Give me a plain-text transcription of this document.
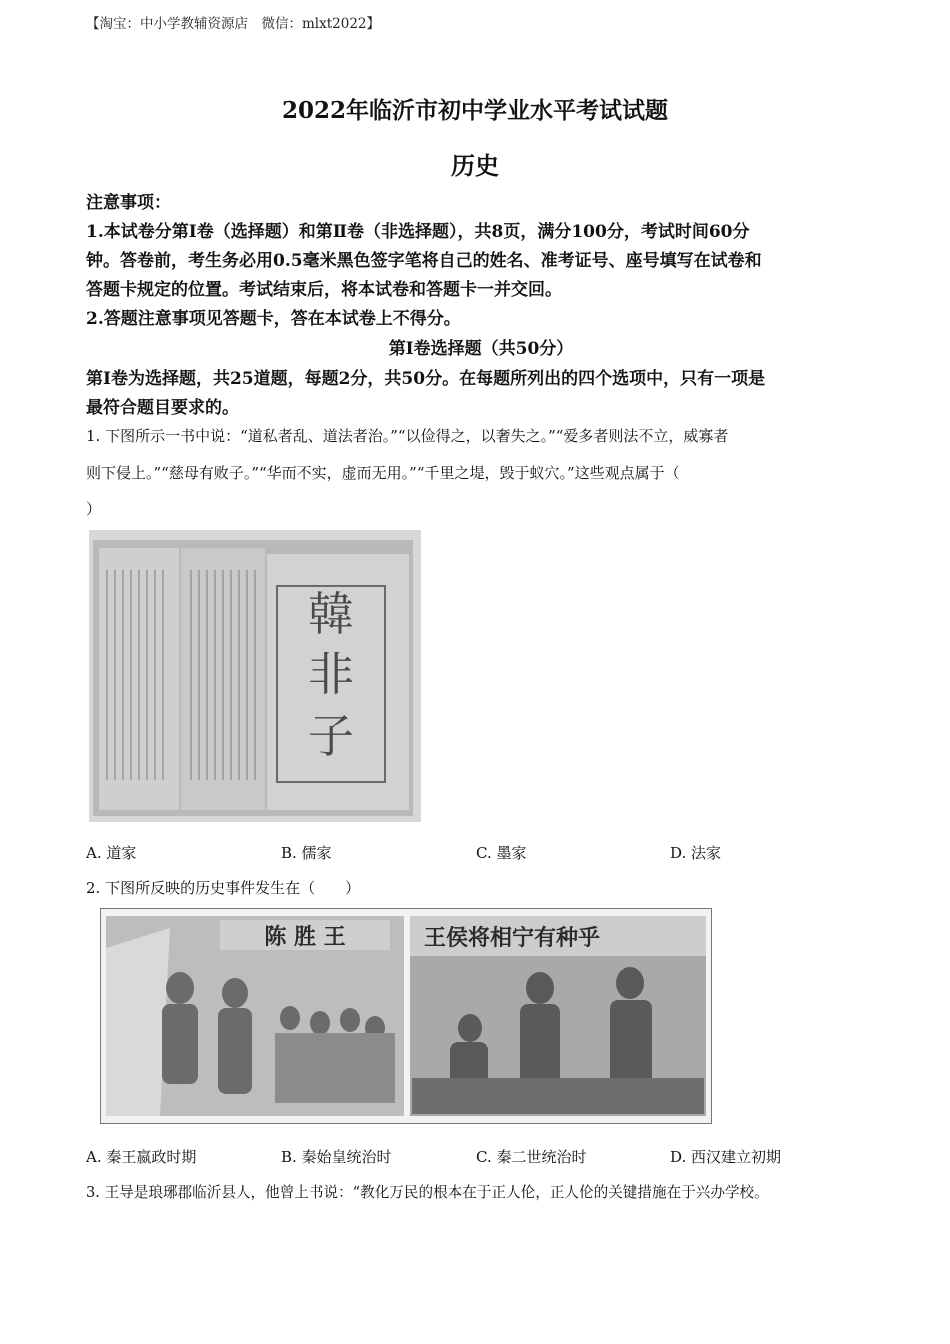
【淘宝：中小学教辅资源店　微信：mlxt2022】
2022年临沂市初中学业水平考试试题
历史
注意事项：
1.本试卷分第Ⅰ卷（选择题）和第Ⅱ卷（非选择题），共8页，满分100分，考试时间60分
钟。答卷前，考生务必用0.5毫米黑色签字笔将自己的姓名、准考证号、座号填写在试卷和
答题卡规定的位置。考试结束后，将本试卷和答题卡一并交回。
2.答题注意事项见答题卡，答在本试卷上不得分。
第Ⅰ卷选择题（共50分）
第Ⅰ卷为选择题，共25道题，每题2分，共50分。在每题所列出的四个选项中，只有一项是
最符合题目要求的。
1. 下图所示一书中说：“道私者乱、道法者治。”“以俭得之，以奢失之。”“爱多者则法不立，威寡者
则下侵上。”“慈母有败子。”“华而不实，虚而无用。”“千里之堤，毁于蚁穴。”这些观点属于（
）
韓
非
子
A. 道家	B. 儒家	C. 墨家	D. 法家
2. 下图所反映的历史事件发生在（　　）
陈 胜 王	王侯将相宁有种乎
A. 秦王嬴政时期	B. 秦始皇统治时	C. 秦二世统治时	D. 西汉建立初期
3. 王导是琅琊郡临沂县人，他曾上书说：“教化万民的根本在于正人伦，正人伦的关键措施在于兴办学校。
